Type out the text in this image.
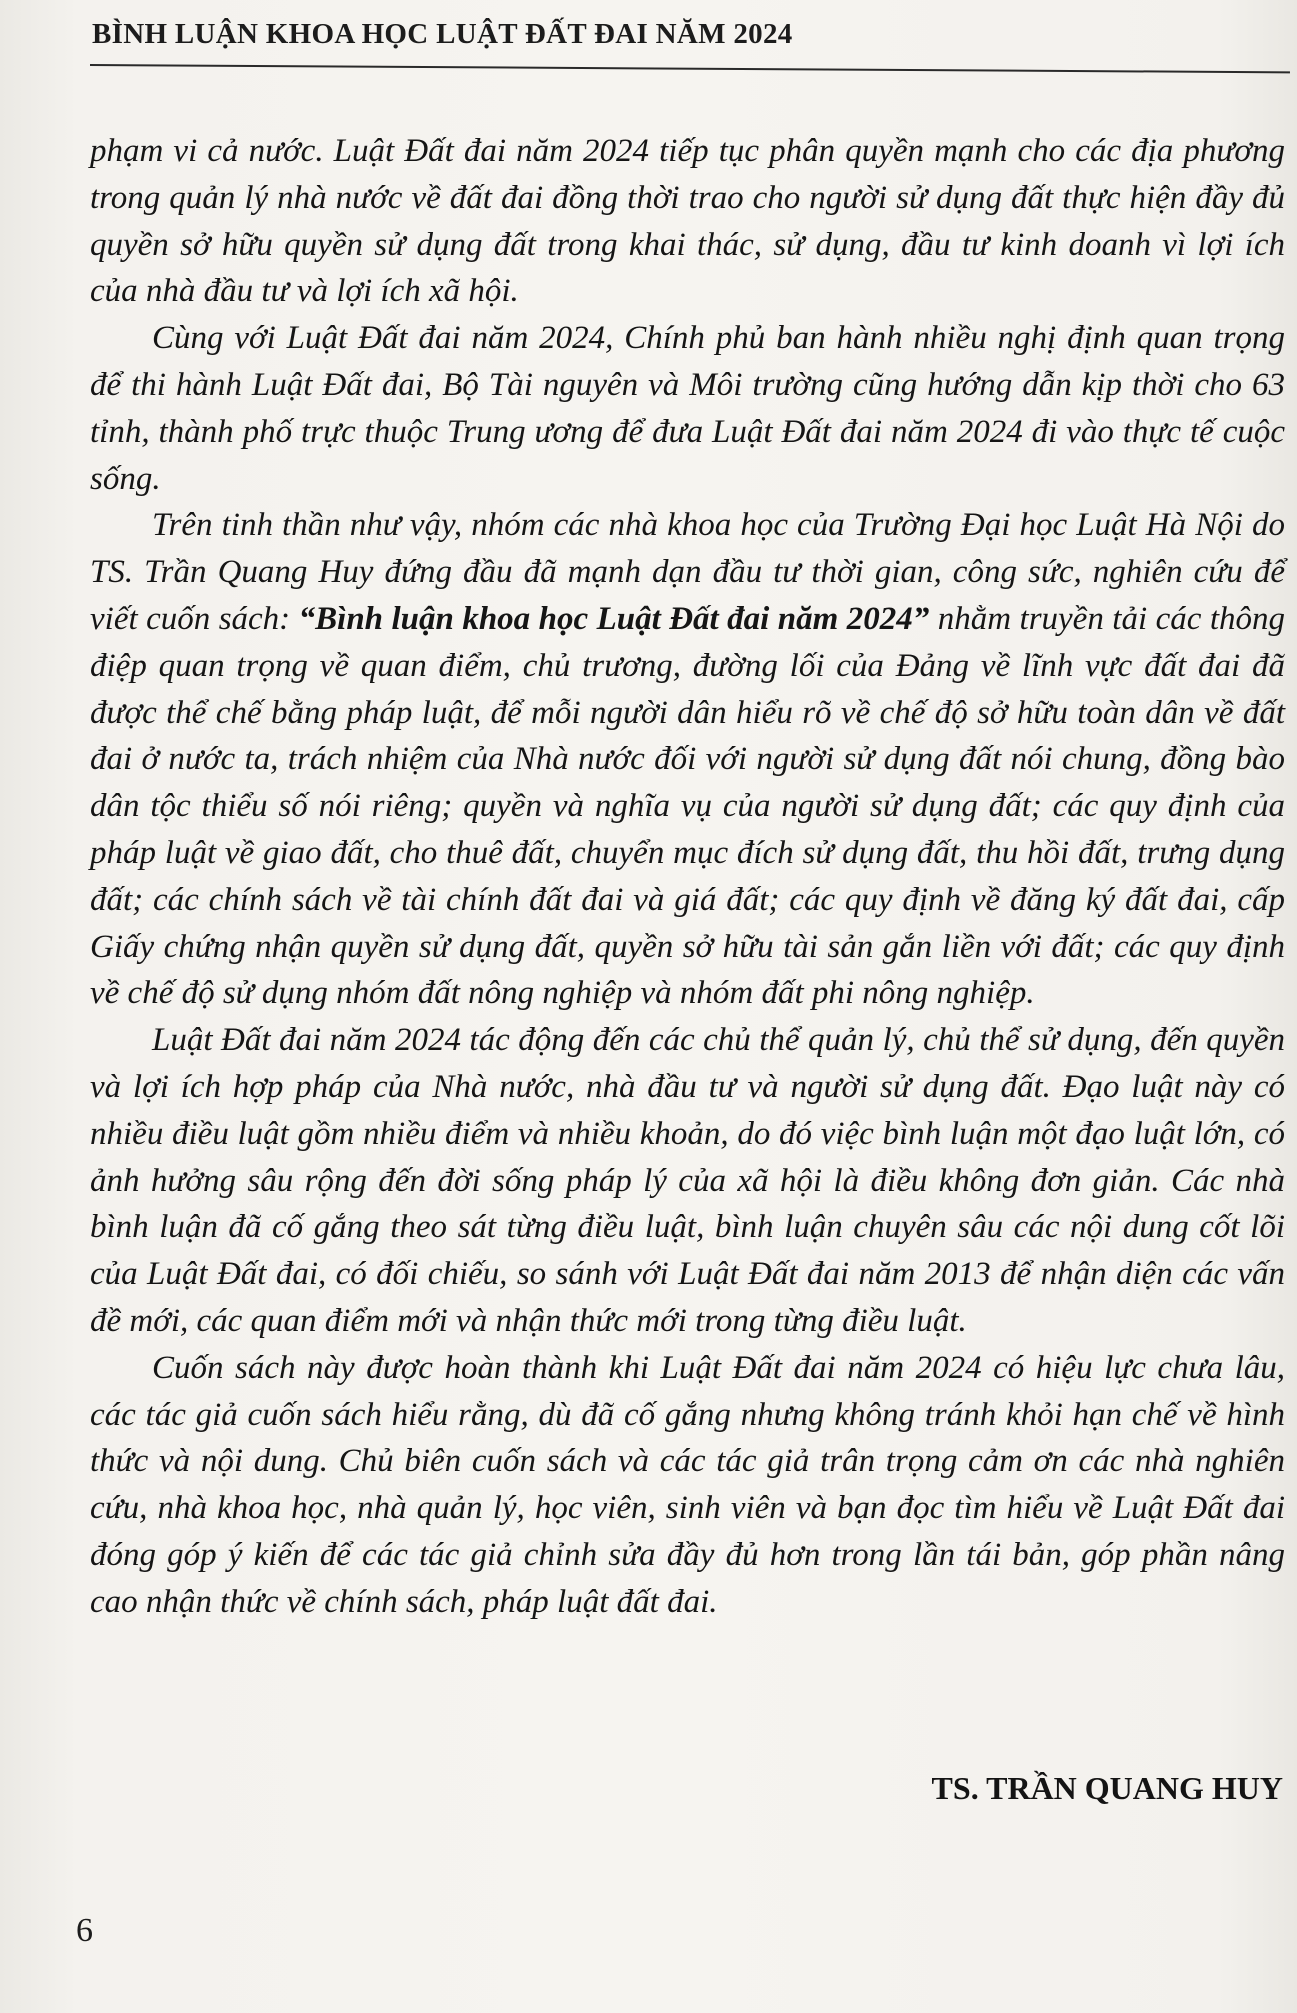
BÌNH LUẬN KHOA HỌC LUẬT ĐẤT ĐAI NĂM 2024

phạm vi cả nước. Luật Đất đai năm 2024 tiếp tục phân quyền mạnh cho các địa phương trong quản lý nhà nước về đất đai đồng thời trao cho người sử dụng đất thực hiện đầy đủ quyền sở hữu quyền sử dụng đất trong khai thác, sử dụng, đầu tư kinh doanh vì lợi ích của nhà đầu tư và lợi ích xã hội.

Cùng với Luật Đất đai năm 2024, Chính phủ ban hành nhiều nghị định quan trọng để thi hành Luật Đất đai, Bộ Tài nguyên và Môi trường cũng hướng dẫn kịp thời cho 63 tỉnh, thành phố trực thuộc Trung ương để đưa Luật Đất đai năm 2024 đi vào thực tế cuộc sống.

Trên tinh thần như vậy, nhóm các nhà khoa học của Trường Đại học Luật Hà Nội do TS. Trần Quang Huy đứng đầu đã mạnh dạn đầu tư thời gian, công sức, nghiên cứu để viết cuốn sách: “Bình luận khoa học Luật Đất đai năm 2024” nhằm truyền tải các thông điệp quan trọng về quan điểm, chủ trương, đường lối của Đảng về lĩnh vực đất đai đã được thể chế bằng pháp luật, để mỗi người dân hiểu rõ về chế độ sở hữu toàn dân về đất đai ở nước ta, trách nhiệm của Nhà nước đối với người sử dụng đất nói chung, đồng bào dân tộc thiểu số nói riêng; quyền và nghĩa vụ của người sử dụng đất; các quy định của pháp luật về giao đất, cho thuê đất, chuyển mục đích sử dụng đất, thu hồi đất, trưng dụng đất; các chính sách về tài chính đất đai và giá đất; các quy định về đăng ký đất đai, cấp Giấy chứng nhận quyền sử dụng đất, quyền sở hữu tài sản gắn liền với đất; các quy định về chế độ sử dụng nhóm đất nông nghiệp và nhóm đất phi nông nghiệp.

Luật Đất đai năm 2024 tác động đến các chủ thể quản lý, chủ thể sử dụng, đến quyền và lợi ích hợp pháp của Nhà nước, nhà đầu tư và người sử dụng đất. Đạo luật này có nhiều điều luật gồm nhiều điểm và nhiều khoản, do đó việc bình luận một đạo luật lớn, có ảnh hưởng sâu rộng đến đời sống pháp lý của xã hội là điều không đơn giản. Các nhà bình luận đã cố gắng theo sát từng điều luật, bình luận chuyên sâu các nội dung cốt lõi của Luật Đất đai, có đối chiếu, so sánh với Luật Đất đai năm 2013 để nhận diện các vấn đề mới, các quan điểm mới và nhận thức mới trong từng điều luật.

Cuốn sách này được hoàn thành khi Luật Đất đai năm 2024 có hiệu lực chưa lâu, các tác giả cuốn sách hiểu rằng, dù đã cố gắng nhưng không tránh khỏi hạn chế về hình thức và nội dung. Chủ biên cuốn sách và các tác giả trân trọng cảm ơn các nhà nghiên cứu, nhà khoa học, nhà quản lý, học viên, sinh viên và bạn đọc tìm hiểu về Luật Đất đai đóng góp ý kiến để các tác giả chỉnh sửa đầy đủ hơn trong lần tái bản, góp phần nâng cao nhận thức về chính sách, pháp luật đất đai.

TS. TRẦN QUANG HUY
6
